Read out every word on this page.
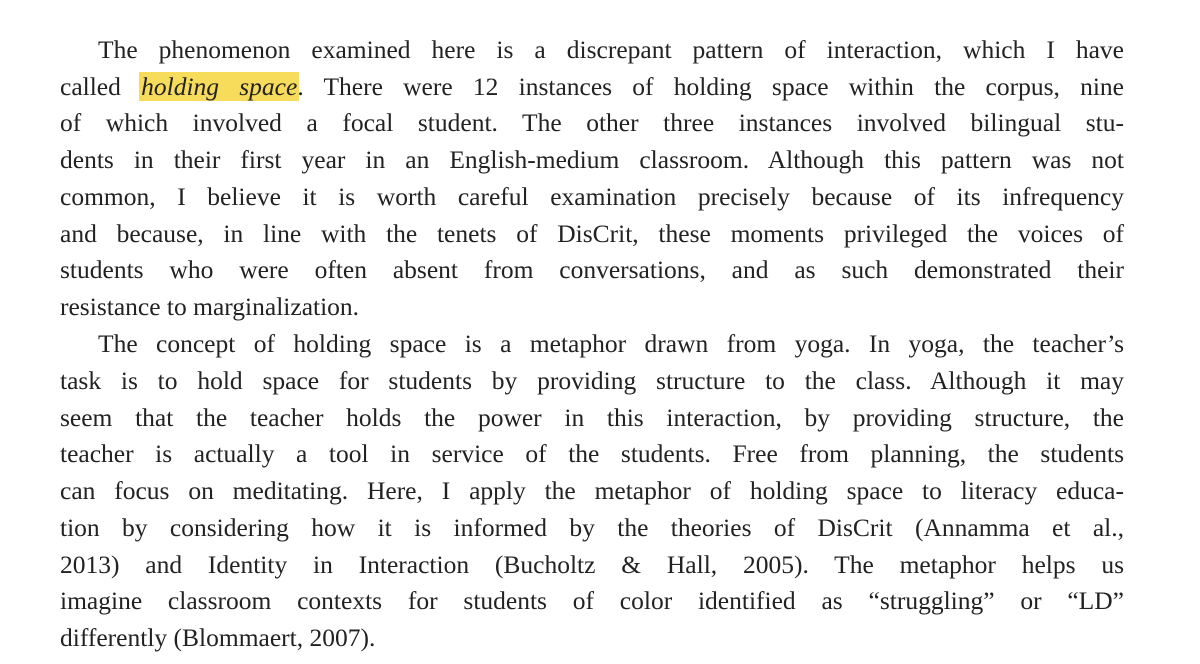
The phenomenon examined here is a discrepant pattern of interaction, which I have
called holding space. There were 12 instances of holding space within the corpus, nine
of which involved a focal student. The other three instances involved bilingual stu-
dents in their first year in an English-medium classroom. Although this pattern was not
common, I believe it is worth careful examination precisely because of its infrequency
and because, in line with the tenets of DisCrit, these moments privileged the voices of
students who were often absent from conversations, and as such demonstrated their
resistance to marginalization.
The concept of holding space is a metaphor drawn from yoga. In yoga, the teacher’s
task is to hold space for students by providing structure to the class. Although it may
seem that the teacher holds the power in this interaction, by providing structure, the
teacher is actually a tool in service of the students. Free from planning, the students
can focus on meditating. Here, I apply the metaphor of holding space to literacy educa-
tion by considering how it is informed by the theories of DisCrit (Annamma et al.,
2013) and Identity in Interaction (Bucholtz & Hall, 2005). The metaphor helps us
imagine classroom contexts for students of color identified as “struggling” or “LD”
differently (Blommaert, 2007).
